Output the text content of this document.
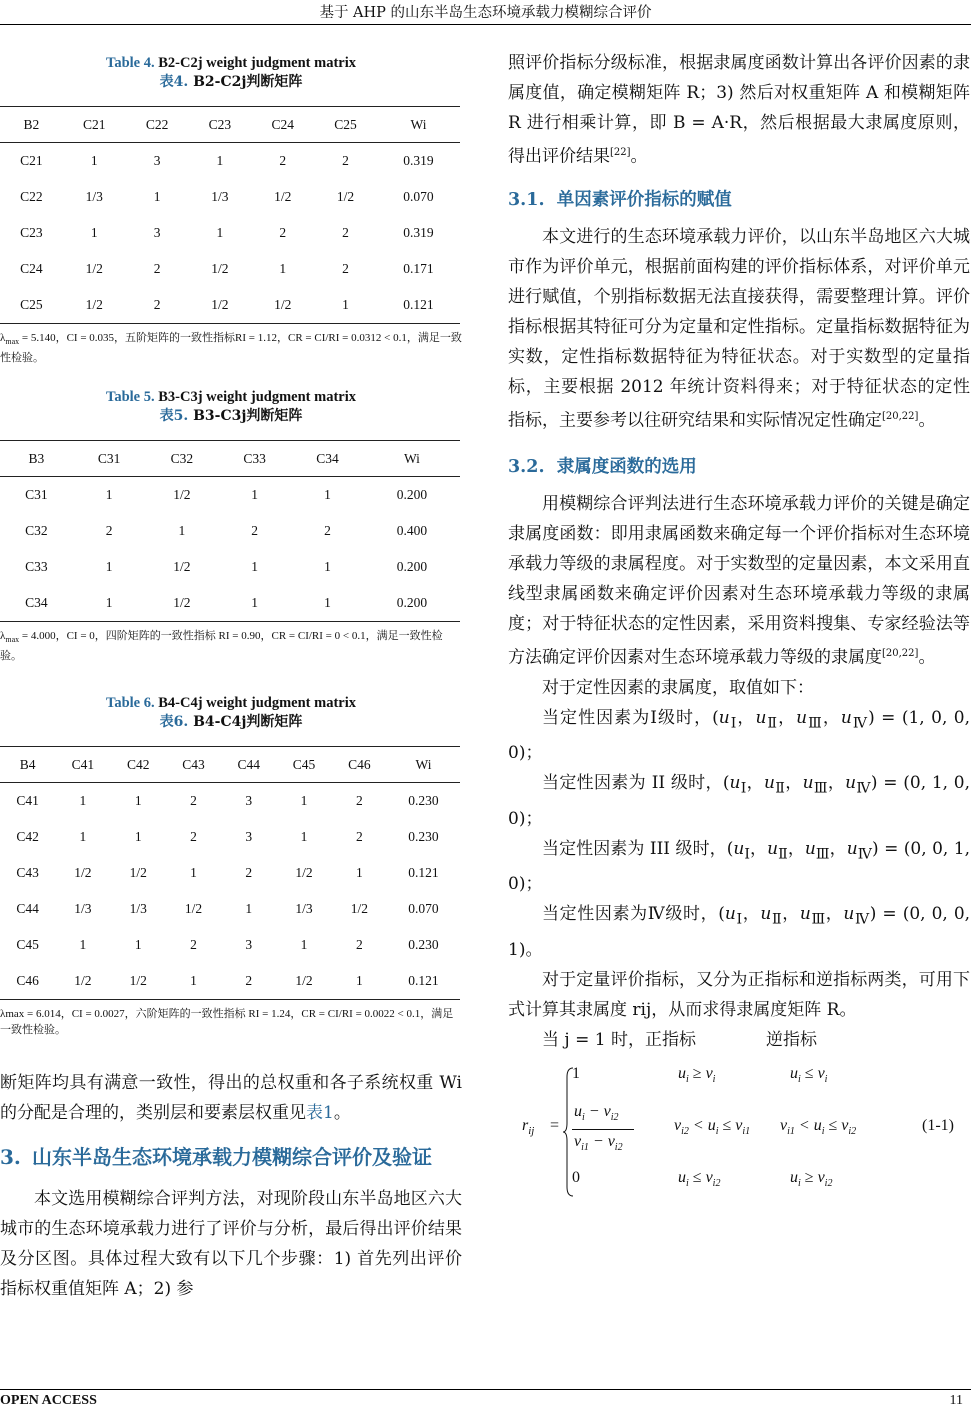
基于 AHP 的山东半岛生态环境承载力模糊综合评价
Table 4. B2-C2j weight judgment matrix
表4. B2-C2j判断矩阵
B2	C21	C22	C23	C24	C25	Wi
C21	1	3	1	2	2	0.319
C22	1/3	1	1/3	1/2	1/2	0.070
C23	1	3	1	2	2	0.319
C24	1/2	2	1/2	1	2	0.171
C25	1/2	2	1/2	1/2	1	0.121
$\lambda_{max} = 5.140$，CI = 0.035，五阶矩阵的一致性指标RI = 1.12，CR = CI/RI = 0.0312 < 0.1，满足一致性检验。
Table 5. B3-C3j weight judgment matrix
表5. B3-C3j判断矩阵
B3	C31	C32	C33	C34	Wi
C31	1	1/2	1	1	0.200
C32	2	1	2	2	0.400
C33	1	1/2	1	1	0.200
C34	1	1/2	1	1	0.200
$\lambda_{max} = 4.000$，CI = 0，四阶矩阵的一致性指标 RI = 0.90，CR = CI/RI = 0 < 0.1，满足一致性检验。
Table 6. B4-C4j weight judgment matrix
表6. B4-C4j判断矩阵
B4	C41	C42	C43	C44	C45	C46	Wi
C41	1	1	2	3	1	2	0.230
C42	1	1	2	3	1	2	0.230
C43	1/2	1/2	1	2	1/2	1	0.121
C44	1/3	1/3	1/2	1	1/3	1/2	0.070
C45	1	1	2	3	1	2	0.230
C46	1/2	1/2	1	2	1/2	1	0.121
λmax = 6.014，CI = 0.0027，六阶矩阵的一致性指标 RI = 1.24，CR = CI/RI = 0.0022 < 0.1，满足一致性检验。
断矩阵均具有满意一致性，得出的总权重和各子系统权重 Wi 的分配是合理的，类别层和要素层权重见表1。
3. 山东半岛生态环境承载力模糊综合评价及验证
本文选用模糊综合评判方法，对现阶段山东半岛地区六大城市的生态环境承载力进行了评价与分析，最后得出评价结果及分区图。具体过程大致有以下几个步骤：1) 首先列出评价指标权重值矩阵 A；2) 参
照评价指标分级标准，根据隶属度函数计算出各评价因素的隶属度值，确定模糊矩阵 R；3) 然后对权重矩阵 A 和模糊矩阵 R 进行相乘计算，即 B = A·R，然后根据最大隶属度原则，得出评价结果[22]。
3.1. 单因素评价指标的赋值
本文进行的生态环境承载力评价，以山东半岛地区六大城市作为评价单元，根据前面构建的评价指标体系，对评价单元进行赋值，个别指标数据无法直接获得，需要整理计算。评价指标根据其特征可分为定量和定性指标。定量指标数据特征为实数，定性指标数据特征为特征状态。对于实数型的定量指标，主要根据 2012 年统计资料得来；对于特征状态的定性指标，主要参考以往研究结果和实际情况定性确定[20,22]。
3.2. 隶属度函数的选用
用模糊综合评判法进行生态环境承载力评价的关键是确定隶属度函数：即用隶属函数来确定每一个评价指标对生态环境承载力等级的隶属程度。对于实数型的定量因素，本文采用直线型隶属函数来确定评价因素对生态环境承载力等级的隶属度；对于特征状态的定性因素，采用资料搜集、专家经验法等方法确定评价因素对生态环境承载力等级的隶属度[20,22]。
对于定性因素的隶属度，取值如下：
当定性因素为Ⅰ级时，($u_Ⅰ$，$u_Ⅱ$，$u_Ⅲ$，$u_Ⅳ) = (1$, 0, 0, 0)；
当定性因素为 II 级时，($u_Ⅰ$，$u_Ⅱ$，$u_Ⅲ$，$u_Ⅳ) = (0$, 1, 0, 0)；
当定性因素为 III 级时，($u_Ⅰ$，$u_Ⅱ$，$u_Ⅲ$，$u_Ⅳ) = (0$, 0, 1, 0)；
当定性因素为Ⅳ级时，($u_Ⅰ$，$u_Ⅱ$，$u_Ⅲ$，$u_Ⅳ) = (0$, 0, 0, 1)。
对于定量评价指标，又分为正指标和逆指标两类，可用下式计算其隶属度 rij，从而求得隶属度矩阵 R。
当 j = 1 时，正指标	逆指标
$r_{ij}$ =
1	$u_i \ge v_i$	$u_i \le v_i$
$u_i - v_{i2}$
$v_{i1} - v_{i2}$
$v_{i2} < u_i \le v_{i1}$ $v_{i1} < u_i \le v_{i2}$
0	$u_i \le v_{i2}$	$u_i \ge v_{i2}$
(1-1)
OPEN ACCESS	11
